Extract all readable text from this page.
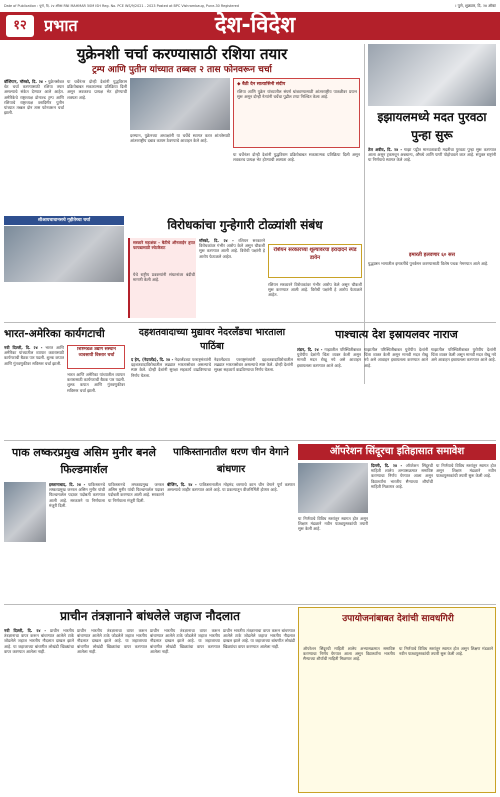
Date of Publication : पुणे, दि. २४ ऑक्ट RNI MAHMAR 50M ISH Reg. No. PCE WS/9/2021 - 2023 Posted at BPC Vishrambaug, Pune-30 Registered	। पुणे, शुक्रवार, दि. २४ ऑक्ट
१२	प्रभात	देश-विदेश
युक्रेनशी चर्चा करण्यासाठी रशिया तयार
ट्रम्प आणि पुतीन यांच्यात तब्बल २ तास फोनवरून चर्चा
वॉशिंग्टन, मॉस्को, दि. २४ - युक्रेनसोबत थेट चर्चा करण्यासाठी रशिया तयार असल्याचे संकेत देण्यात आले आहेत. अमेरिकेचे राष्ट्राध्यक्ष डोनाल्ड ट्रम्प आणि रशियाचे राष्ट्राध्यक्ष व्लादिमीर पुतीन यांच्यात तब्बल दोन तास फोनवरून चर्चा झाली.
या चर्चेनंतर दोन्ही देशांनी युद्धविराम प्रक्रियेबाबत सकारात्मक प्रतिक्रिया दिली असून लवकरच प्रत्यक्ष भेट होण्याची शक्यता आहे.
दरम्यान, युक्रेनच्या अध्यक्षांनी या चर्चेचे स्वागत करत शांततेसाठी आंतरराष्ट्रीय दबाव कायम ठेवण्याचे आवाहन केले आहे.
◆ बैठी देन सात्यासिनी संदीप
रशिया आणि युक्रेन यांच्यातील संघर्ष थांबवण्यासाठी आंतरराष्ट्रीय पातळीवर प्रयत्न सुरू असून दोन्ही नेत्यांनी चर्चेचा पुढील टप्पा निश्चित केला आहे.
या चर्चेनंतर दोन्ही देशांनी युद्धविराम प्रक्रियेबाबत सकारात्मक प्रतिक्रिया दिली असून लवकरच प्रत्यक्ष भेट होण्याची शक्यता आहे.
शीआयचाधानसचे गृहीतेच्चा चर्चा
इझायलमध्ये मदत पुरवठा पुन्हा सुरू
तेल अवीव, दि. २४ - गाझा पट्टीत मानवतावादी मदतीचा पुरवठा पुन्हा सुरू करण्यात आला असून ट्रकमधून अन्नधान्य, औषधे आणि पाणी पोहोचवले जात आहे. संयुक्त राष्ट्रांनी या निर्णयाचे स्वागत केले आहे.
इमारती हलवणार ६० सत्त
युद्धग्रस्त भागातील इमारतींचे पुनर्वसन करण्यासाठी विशेष पथक नेमण्यात आले आहे.
विरोधकांचा गुन्हेगारी टोळ्यांशी संबंध
सरकारे महाशंक - बैठीचे ऑनलाईन हृयत फायद्यासाठी रचेटकैराट
येथे राष्ट्रीय प्रवक्त्यांनी संघटनांवर बंदीची मागणी केली आहे.
मॉस्को, दि. २४ - रशियन सरकारने विरोधकांवर गंभीर आरोप केले असून चौकशी सुरू करण्यात आली आहे. विरोधी पक्षांनी हे आरोप फेटाळले आहेत.
रशियन सरकारच्या शूल्यावरचा इरादादने स्पंड डायेन
रशियन सरकारने विरोधकांवर गंभीर आरोप केले असून चौकशी सुरू करण्यात आली आहे. विरोधी पक्षांनी हे आरोप फेटाळले आहेत.
भारत-अमेरिका कार्यगटाची
नवी दिल्ली, दि. २४ - भारत आणि अमेरिका यांच्यातील व्यापार करारासाठी कार्यगटाची बैठक पार पडली. शुल्क कपात आणि गुंतवणुकीवर सविस्तर चर्चा झाली.
शिष्टमंडळ उद्योग संस्थान व्यवसायी विस्तार चर्चा
भारत आणि अमेरिका यांच्यातील व्यापार करारासाठी कार्यगटाची बैठक पार पडली. शुल्क कपात आणि गुंतवणुकीवर सविस्तर चर्चा झाली.
दहशतवादाच्या मुद्यावर नेदरलॅंडचा भारताला पाठिंबा
द हेग, (नेदरलॅंड), दि. २४ - नेदरलॅंडच्या परराष्ट्रमंत्र्यांनी दहशतवादाविरोधातील लढ्यात भारतासोबत असल्याचे स्पष्ट केले. दोन्ही देशांनी सुरक्षा सहकार्य वाढविण्याचा निर्णय घेतला.
नेदरलॅंडच्या परराष्ट्रमंत्र्यांनी दहशतवादाविरोधातील लढ्यात भारतासोबत असल्याचे स्पष्ट केले. दोन्ही देशांनी सुरक्षा सहकार्य वाढविण्याचा निर्णय घेतला.
पाश्चात्य देश इस्रायलवर नाराज
लंडन, दि. २४ - गाझातील परिस्थितीबाबत युरोपीय देशांनी चिंता व्यक्त केली असून मानवी मदत रोखू नये असे आवाहन इस्रायलला करण्यात आले आहे.
गाझातील परिस्थितीबाबत युरोपीय देशांनी चिंता व्यक्त केली असून मानवी मदत रोखू नये असे आवाहन इस्रायलला करण्यात आले आहे.
गाझातील परिस्थितीबाबत युरोपीय देशांनी चिंता व्यक्त केली असून मानवी मदत रोखू नये असे आवाहन इस्रायलला करण्यात आले आहे.
पाक लष्करप्रमुख असिम मुनीर बनले फिल्डमार्शल
इस्लामाबाद, दि. २४ - पाकिस्तानचे लष्करप्रमुख जनरल असिम मुनीर यांची फिल्डमार्शल पदावर पदोन्नती करण्यात आली आहे. सरकारने या निर्णयाला मंजुरी दिली.
पाकिस्तानचे लष्करप्रमुख जनरल असिम मुनीर यांची फिल्डमार्शल पदावर पदोन्नती करण्यात आली आहे. सरकारने या निर्णयाला मंजुरी दिली.
पाकिस्तानातील धरण चीन वेगाने बांधणार
बीजिंग, दि. २४ - पाकिस्तानातील मोहमंद धरणाचे काम चीन वेगाने पूर्ण करणार असल्याचे जाहीर करण्यात आले आहे. या प्रकल्पातून वीजनिर्मिती होणार आहे.
ऑपरेशन सिंदूरचा इतिहासात समावेश
दिल्ली, दि. २४ - ऑपरेशन सिंदूरची माहिती शालेय अभ्यासक्रमात समाविष्ट करण्याचा निर्णय घेण्यात आला असून विद्यार्थ्यांना भारतीय सैन्याच्या शौर्याची माहिती मिळणार आहे.
या निर्णयाचे विविध स्तरांतून स्वागत होत असून शिक्षण मंडळाने नवीन पाठ्यपुस्तकांची तयारी सुरू केली आहे.
या निर्णयाचे विविध स्तरांतून स्वागत होत असून शिक्षण मंडळाने नवीन पाठ्यपुस्तकांची तयारी सुरू केली आहे.
प्राचीन तंत्रज्ञानाने बांधलेले जहाज नौदलात
नवी दिल्ली, दि. २४ - प्राचीन भारतीय तंत्रज्ञानाचा वापर करून बांधण्यात आलेले टाके जोडलेले जहाज भारतीय नौदलात दाखल झाले आहे. या जहाजाच्या बांधणीत लोखंडी खिळ्यांचा वापर करण्यात आलेला नाही.
प्राचीन भारतीय तंत्रज्ञानाचा वापर करून बांधण्यात आलेले टाके जोडलेले जहाज भारतीय नौदलात दाखल झाले आहे. या जहाजाच्या बांधणीत लोखंडी खिळ्यांचा वापर करण्यात आलेला नाही.
प्राचीन भारतीय तंत्रज्ञानाचा वापर करून बांधण्यात आलेले टाके जोडलेले जहाज भारतीय नौदलात दाखल झाले आहे. या जहाजाच्या बांधणीत लोखंडी खिळ्यांचा वापर करण्यात आलेला नाही.
प्राचीन भारतीय तंत्रज्ञानाचा वापर करून बांधण्यात आलेले टाके जोडलेले जहाज भारतीय नौदलात दाखल झाले आहे. या जहाजाच्या बांधणीत लोखंडी खिळ्यांचा वापर करण्यात आलेला नाही.
उपायोजनांबाबत देशांची सावधगिरी
ऑपरेशन सिंदूरची माहिती शालेय अभ्यासक्रमात समाविष्ट करण्याचा निर्णय घेण्यात आला असून विद्यार्थ्यांना भारतीय सैन्याच्या शौर्याची माहिती मिळणार आहे.
या निर्णयाचे विविध स्तरांतून स्वागत होत असून शिक्षण मंडळाने नवीन पाठ्यपुस्तकांची तयारी सुरू केली आहे.
